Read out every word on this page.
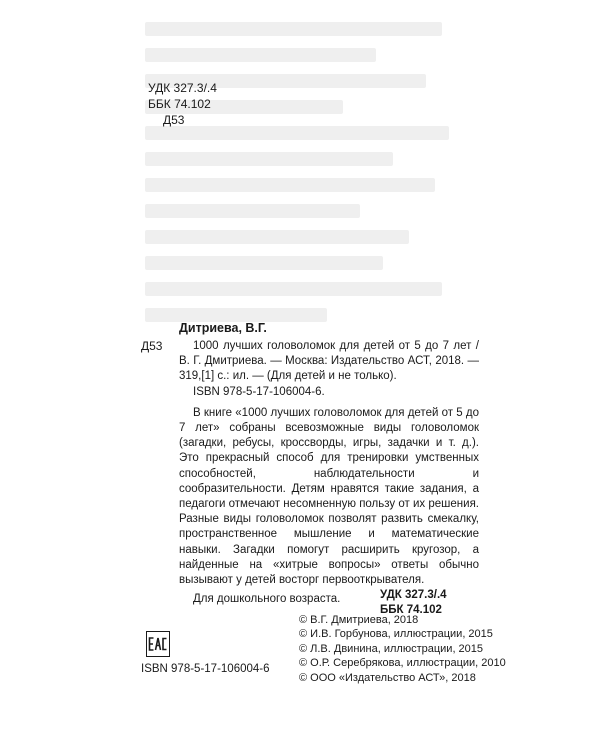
УДК 327.3/.4
ББК 74.102
Д53
Дитриева, В.Г.
Д53	1000 лучших головоломок для детей от 5 до 7 лет / В. Г. Дмитриева. — Москва: Издательство АСТ, 2018. — 319,[1] с.: ил. — (Для детей и не только).

ISBN 978-5-17-106004-6.

В книге «1000 лучших головоломок для детей от 5 до 7 лет» собраны всевозможные виды головоломок (загадки, ребусы, кроссворды, игры, задачки и т. д.). Это прекрасный способ для тренировки умственных способностей, наблюдательности и сообразительности. Детям нравятся такие задания, а педагоги отмечают несомненную пользу от их решения. Разные виды головоломок позволят развить смекалку, пространственное мышление и математические навыки. Загадки помогут расширить кругозор, а найденные на «хитрые вопросы» ответы обычно вызывают у детей восторг первооткрывателя.

Для дошкольного возраста.	УДК 327.3/.4
ББК 74.102
ISBN 978-5-17-106004-6
© В.Г. Дмитриева, 2018
© И.В. Горбунова, иллюстрации, 2015
© Л.В. Двинина, иллюстрации, 2015
© О.Р. Серебрякова, иллюстрации, 2010
© ООО «Издательство АСТ», 2018
